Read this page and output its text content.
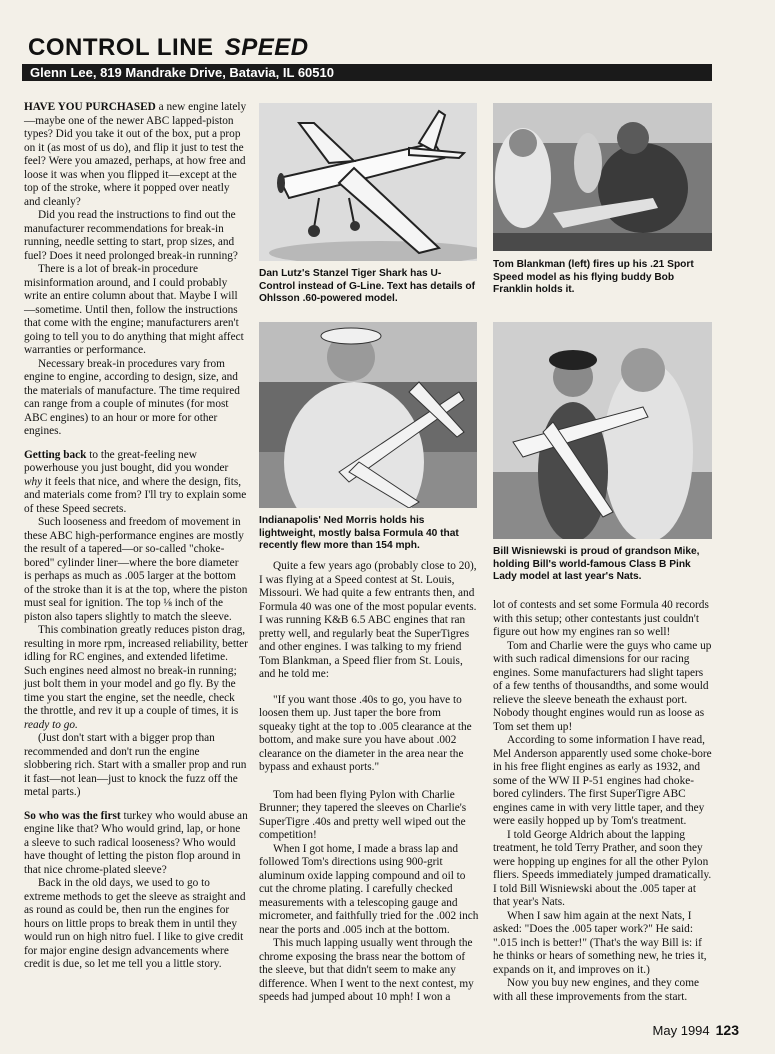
CONTROL LINE SPEED
Glenn Lee, 819 Mandrake Drive, Batavia, IL 60510

HAVE YOU PURCHASED a new engine lately—maybe one of the newer ABC lapped-piston types? Did you take it out of the box, put a prop on it (as most of us do), and flip it just to test the feel? Were you amazed, perhaps, at how free and loose it was when you flipped it—except at the top of the stroke, where it popped over neatly and cleanly?

Did you read the instructions to find out the manufacturer recommendations for break-in running, needle setting to start, prop sizes, and fuel? Does it need prolonged break-in running?

There is a lot of break-in procedure misinformation around, and I could probably write an entire column about that. Maybe I will—sometime. Until then, follow the instructions that come with the engine; manufacturers aren't going to tell you to do anything that might affect warranties or performance.

Necessary break-in procedures vary from engine to engine, according to design, size, and the materials of manufacture. The time required can range from a couple of minutes (for most ABC engines) to an hour or more for other engines.

Getting back to the great-feeling new powerhouse you just bought, did you wonder why it feels that nice, and where the design, fits, and materials come from? I'll try to explain some of these Speed secrets.

Such looseness and freedom of movement in these ABC high-performance engines are mostly the result of a tapered—or so-called "choke-bored" cylinder liner—where the bore diameter is perhaps as much as .005 larger at the bottom of the stroke than it is at the top, where the piston must seal for ignition. The top ⅛ inch of the piston also tapers slightly to match the sleeve.

This combination greatly reduces piston drag, resulting in more rpm, increased reliability, better idling for RC engines, and extended lifetime. Such engines need almost no break-in running; just bolt them in your model and go fly. By the time you start the engine, set the needle, check the throttle, and rev it up a couple of times, it is ready to go.

(Just don't start with a bigger prop than recommended and don't run the engine slobbering rich. Start with a smaller prop and run it fast—not lean—just to knock the fuzz off the metal parts.)

So who was the first turkey who would abuse an engine like that? Who would grind, lap, or hone a sleeve to such radical looseness? Who would have thought of letting the piston flop around in that nice chrome-plated sleeve?

Back in the old days, we used to go to extreme methods to get the sleeve as straight and as round as could be, then run the engines for hours on little props to break them in until they would run on high nitro fuel. I like to give credit for major engine design advancements where credit is due, so let me tell you a little story.

Dan Lutz's Stanzel Tiger Shark has U-Control instead of G-Line. Text has details of Ohlsson .60-powered model.
Tom Blankman (left) fires up his .21 Sport Speed model as his flying buddy Bob Franklin holds it.
Indianapolis' Ned Morris holds his lightweight, mostly balsa Formula 40 that recently flew more than 154 mph.
Bill Wisniewski is proud of grandson Mike, holding Bill's world-famous Class B Pink Lady model at last year's Nats.

Quite a few years ago (probably close to 20), I was flying at a Speed contest at St. Louis, Missouri. We had quite a few entrants then, and Formula 40 was one of the most popular events. I was running K&B 6.5 ABC engines that ran pretty well, and regularly beat the SuperTigres and other engines. I was talking to my friend Tom Blankman, a Speed flier from St. Louis, and he told me:

"If you want those .40s to go, you have to loosen them up. Just taper the bore from squeaky tight at the top to .005 clearance at the bottom, and make sure you have about .002 clearance on the diameter in the area near the bypass and exhaust ports."

Tom had been flying Pylon with Charlie Brunner; they tapered the sleeves on Charlie's SuperTigre .40s and pretty well wiped out the competition!

When I got home, I made a brass lap and followed Tom's directions using 900-grit aluminum oxide lapping compound and oil to cut the chrome plating. I carefully checked measurements with a telescoping gauge and micrometer, and faithfully tried for the .002 inch near the ports and .005 inch at the bottom.

This much lapping usually went through the chrome exposing the brass near the bottom of the sleeve, but that didn't seem to make any difference. When I went to the next contest, my speeds had jumped about 10 mph! I won a

lot of contests and set some Formula 40 records with this setup; other contestants just couldn't figure out how my engines ran so well!

Tom and Charlie were the guys who came up with such radical dimensions for our racing engines. Some manufacturers had slight tapers of a few tenths of thousandths, and some would relieve the sleeve beneath the exhaust port. Nobody thought engines would run as loose as Tom set them up!

According to some information I have read, Mel Anderson apparently used some choke-bore in his free flight engines as early as 1932, and some of the WW II P-51 engines had choke-bored cylinders. The first SuperTigre ABC engines came in with very little taper, and they were easily hopped up by Tom's treatment.

I told George Aldrich about the lapping treatment, he told Terry Prather, and soon they were hopping up engines for all the other Pylon fliers. Speeds immediately jumped dramatically. I told Bill Wisniewski about the .005 taper at that year's Nats.

When I saw him again at the next Nats, I asked: "Does the .005 taper work?" He said: ".015 inch is better!" (That's the way Bill is: if he thinks or hears of something new, he tries it, expands on it, and improves on it.)

Now you buy new engines, and they come with all these improvements from the start.

May 1994 123
